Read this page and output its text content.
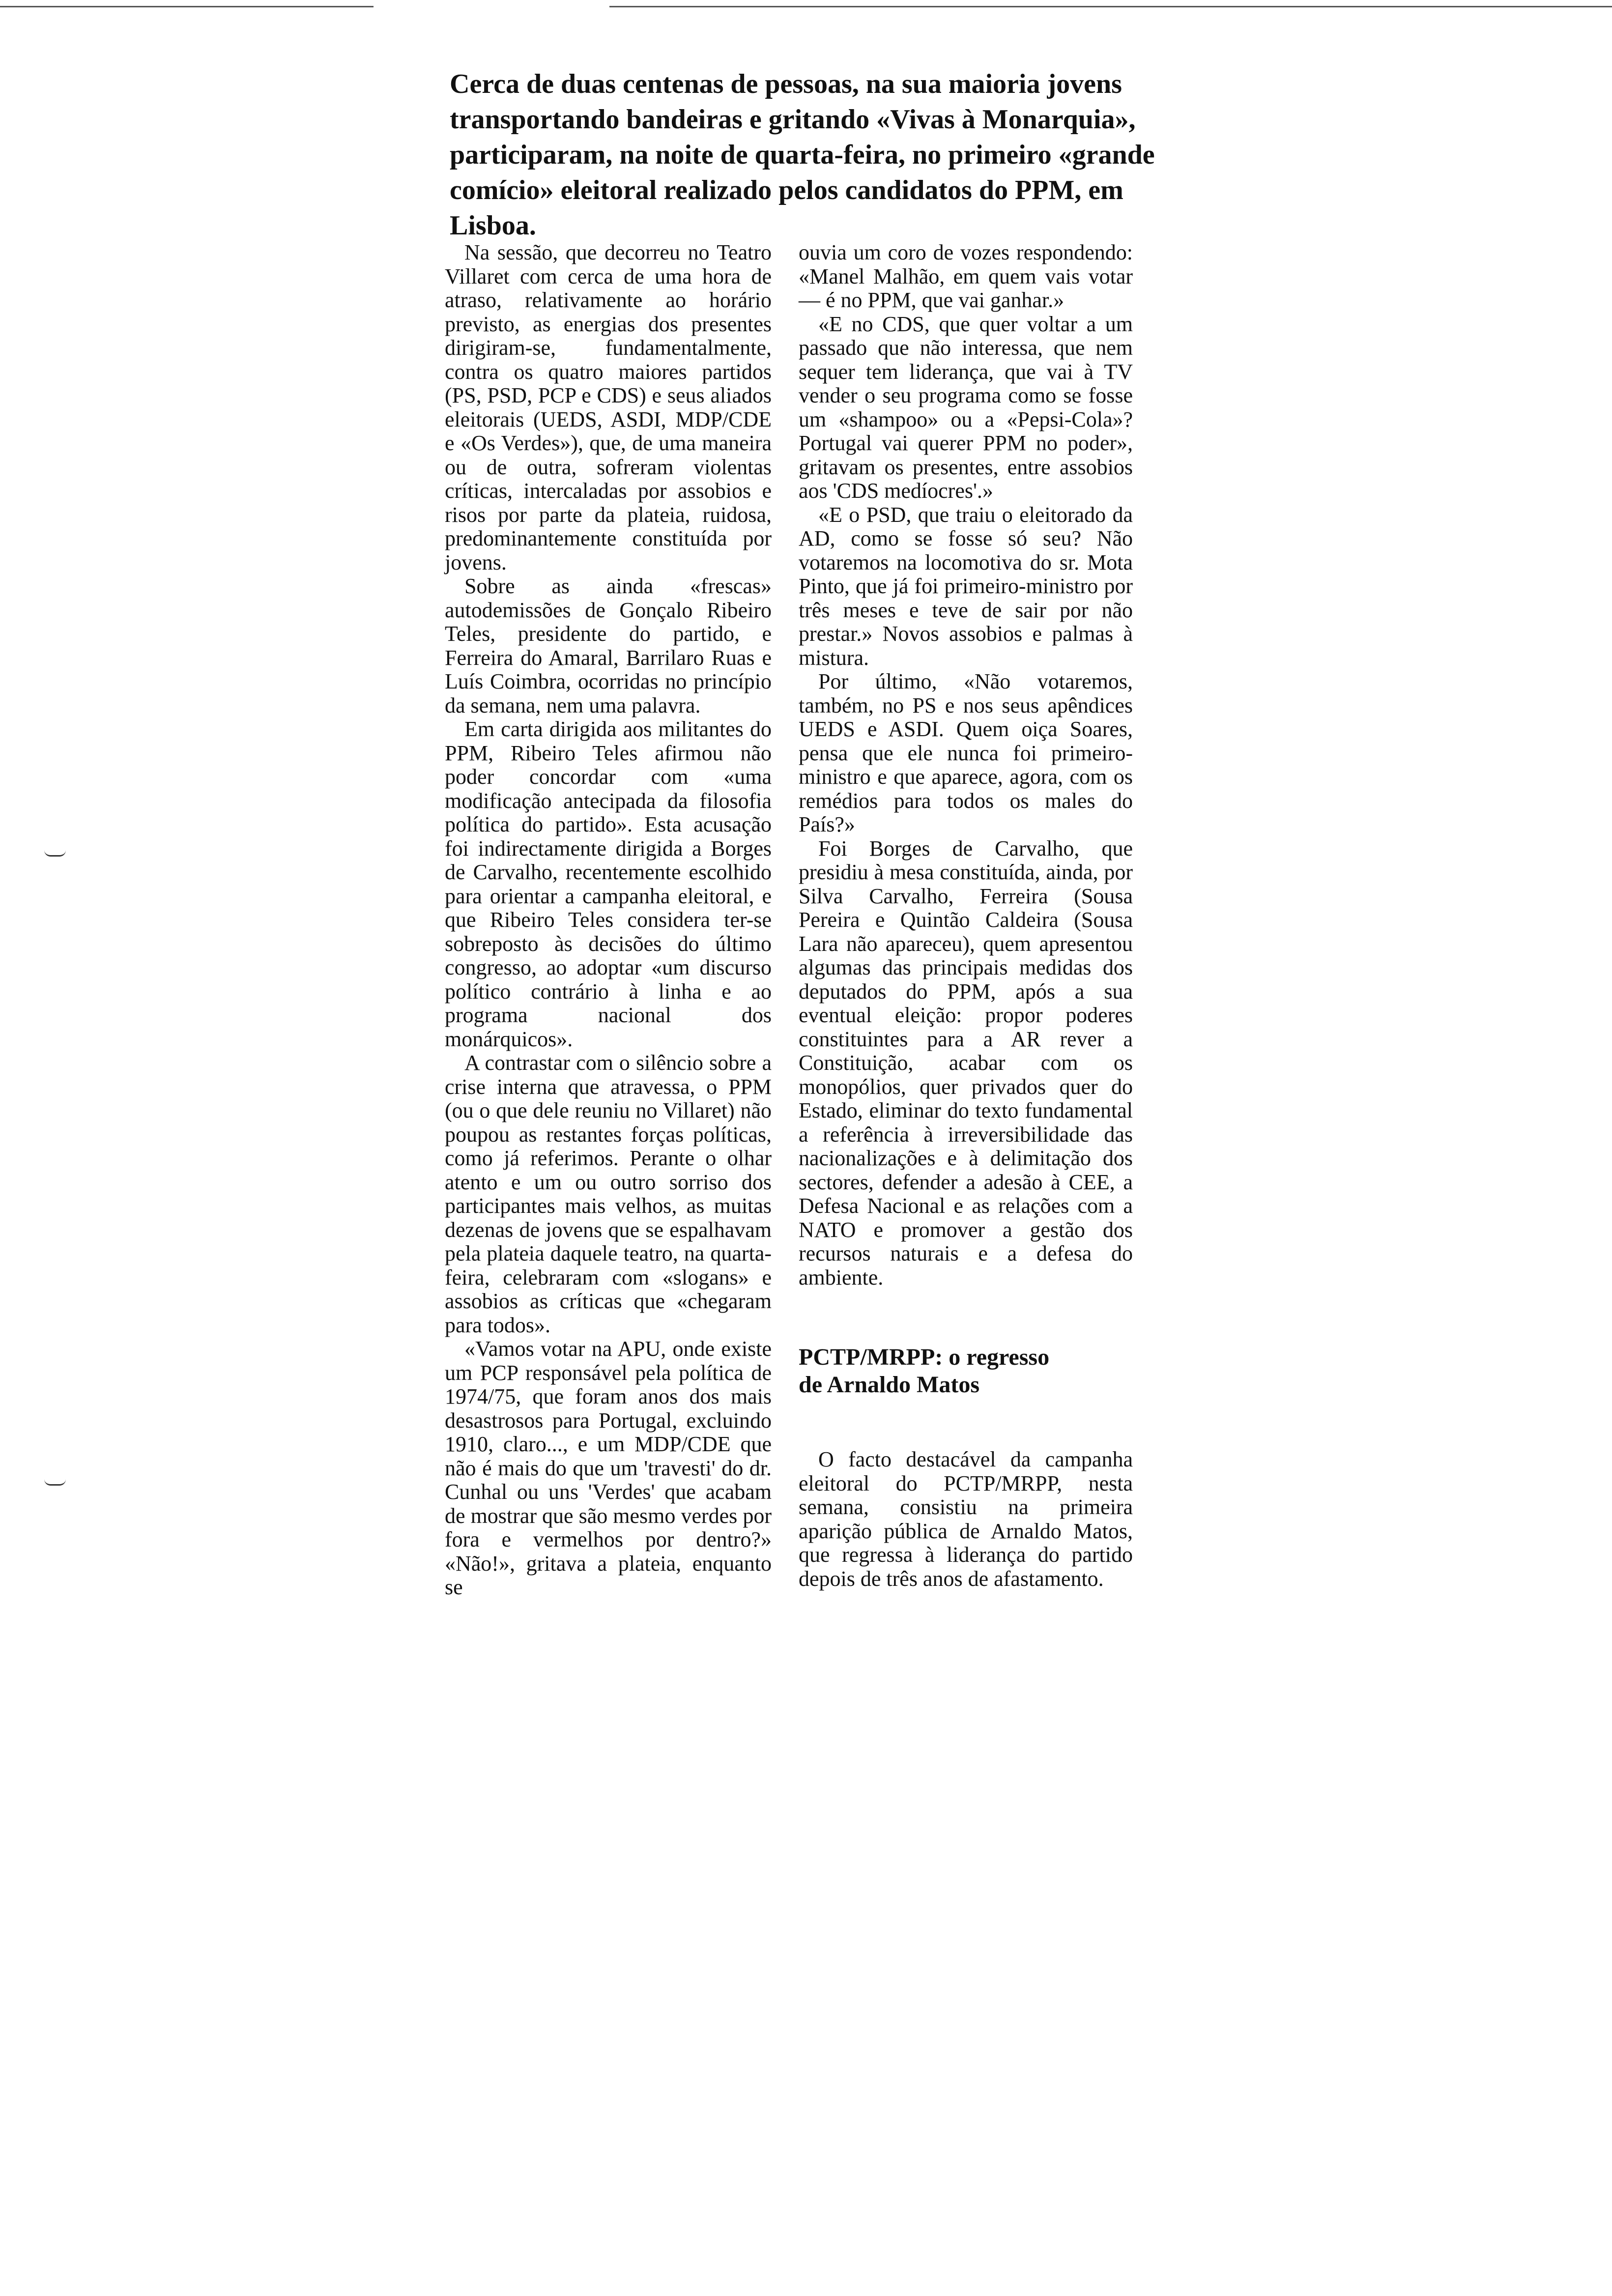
Cerca de duas centenas de pessoas, na sua maioria jovens transportando bandeiras e gritando «Vivas à Monarquia», participaram, na noite de quarta-feira, no primeiro «grande comício» eleitoral realizado pelos candidatos do PPM, em Lisboa.

Na sessão, que decorreu no Teatro Villaret com cerca de uma hora de atraso, relativamente ao horário previsto, as energias dos presentes dirigiram-se, fundamentalmente, contra os quatro maiores partidos (PS, PSD, PCP e CDS) e seus aliados eleitorais (UEDS, ASDI, MDP/CDE e «Os Verdes»), que, de uma maneira ou de outra, sofreram violentas críticas, intercaladas por assobios e risos por parte da plateia, ruidosa, predominantemente constituída por jovens.

Sobre as ainda «frescas» autodemissões de Gonçalo Ribeiro Teles, presidente do partido, e Ferreira do Amaral, Barrilaro Ruas e Luís Coimbra, ocorridas no princípio da semana, nem uma palavra.

Em carta dirigida aos militantes do PPM, Ribeiro Teles afirmou não poder concordar com «uma modificação antecipada da filosofia política do partido». Esta acusação foi indirectamente dirigida a Borges de Carvalho, recentemente escolhido para orientar a campanha eleitoral, e que Ribeiro Teles considera ter-se sobreposto às decisões do último congresso, ao adoptar «um discurso político contrário à linha e ao programa nacional dos monárquicos».

A contrastar com o silêncio sobre a crise interna que atravessa, o PPM (ou o que dele reuniu no Villaret) não poupou as restantes forças políticas, como já referimos. Perante o olhar atento e um ou outro sorriso dos participantes mais velhos, as muitas dezenas de jovens que se espalhavam pela plateia daquele teatro, na quarta-feira, celebraram com «slogans» e assobios as críticas que «chegaram para todos».

«Vamos votar na APU, onde existe um PCP responsável pela política de 1974/75, que foram anos dos mais desastrosos para Portugal, excluindo 1910, claro..., e um MDP/CDE que não é mais do que um 'travesti' do dr. Cunhal ou uns 'Verdes' que acabam de mostrar que são mesmo verdes por fora e vermelhos por dentro?» «Não!», gritava a plateia, enquanto se

ouvia um coro de vozes respondendo: «Manel Malhão, em quem vais votar — é no PPM, que vai ganhar.»

«E no CDS, que quer voltar a um passado que não interessa, que nem sequer tem liderança, que vai à TV vender o seu programa como se fosse um «shampoo» ou a «Pepsi-Cola»? Portugal vai querer PPM no poder», gritavam os presentes, entre assobios aos 'CDS medíocres'.»

«E o PSD, que traiu o eleitorado da AD, como se fosse só seu? Não votaremos na locomotiva do sr. Mota Pinto, que já foi primeiro-ministro por três meses e teve de sair por não prestar.» Novos assobios e palmas à mistura.

Por último, «Não votaremos, também, no PS e nos seus apêndices UEDS e ASDI. Quem oiça Soares, pensa que ele nunca foi primeiro-ministro e que aparece, agora, com os remédios para todos os males do País?»

Foi Borges de Carvalho, que presidiu à mesa constituída, ainda, por Silva Carvalho, Ferreira (Sousa Pereira e Quintão Caldeira (Sousa Lara não apareceu), quem apresentou algumas das principais medidas dos deputados do PPM, após a sua eventual eleição: propor poderes constituintes para a AR rever a Constituição, acabar com os monopólios, quer privados quer do Estado, eliminar do texto fundamental a referência à irreversibilidade das nacionalizações e à delimitação dos sectores, defender a adesão à CEE, a Defesa Nacional e as relações com a NATO e promover a gestão dos recursos naturais e a defesa do ambiente.

PCTP/MRPP: o regresso
de Arnaldo Matos

O facto destacável da campanha eleitoral do PCTP/MRPP, nesta semana, consistiu na primeira aparição pública de Arnaldo Matos, que regressa à liderança do partido depois de três anos de afastamento.
